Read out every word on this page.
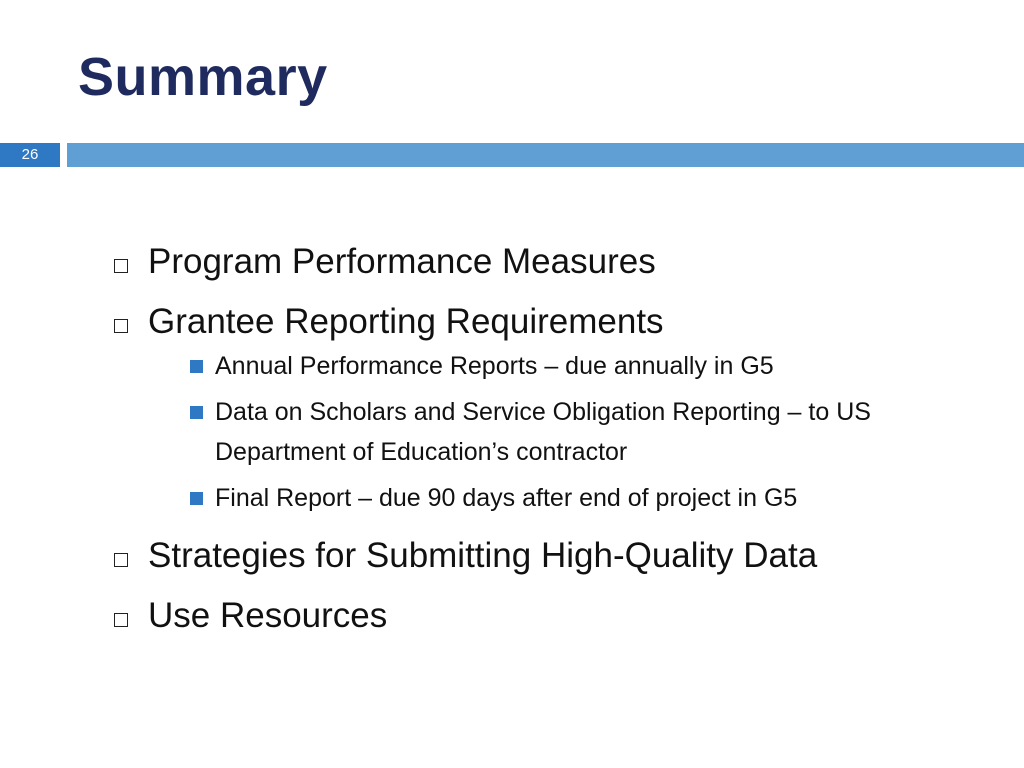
Summary
26
Program Performance Measures
Grantee Reporting Requirements
Annual Performance Reports – due annually in G5
Data on Scholars and Service Obligation Reporting – to US Department of Education’s contractor
Final Report – due 90 days after end of project in G5
Strategies for Submitting High-Quality Data
Use Resources
